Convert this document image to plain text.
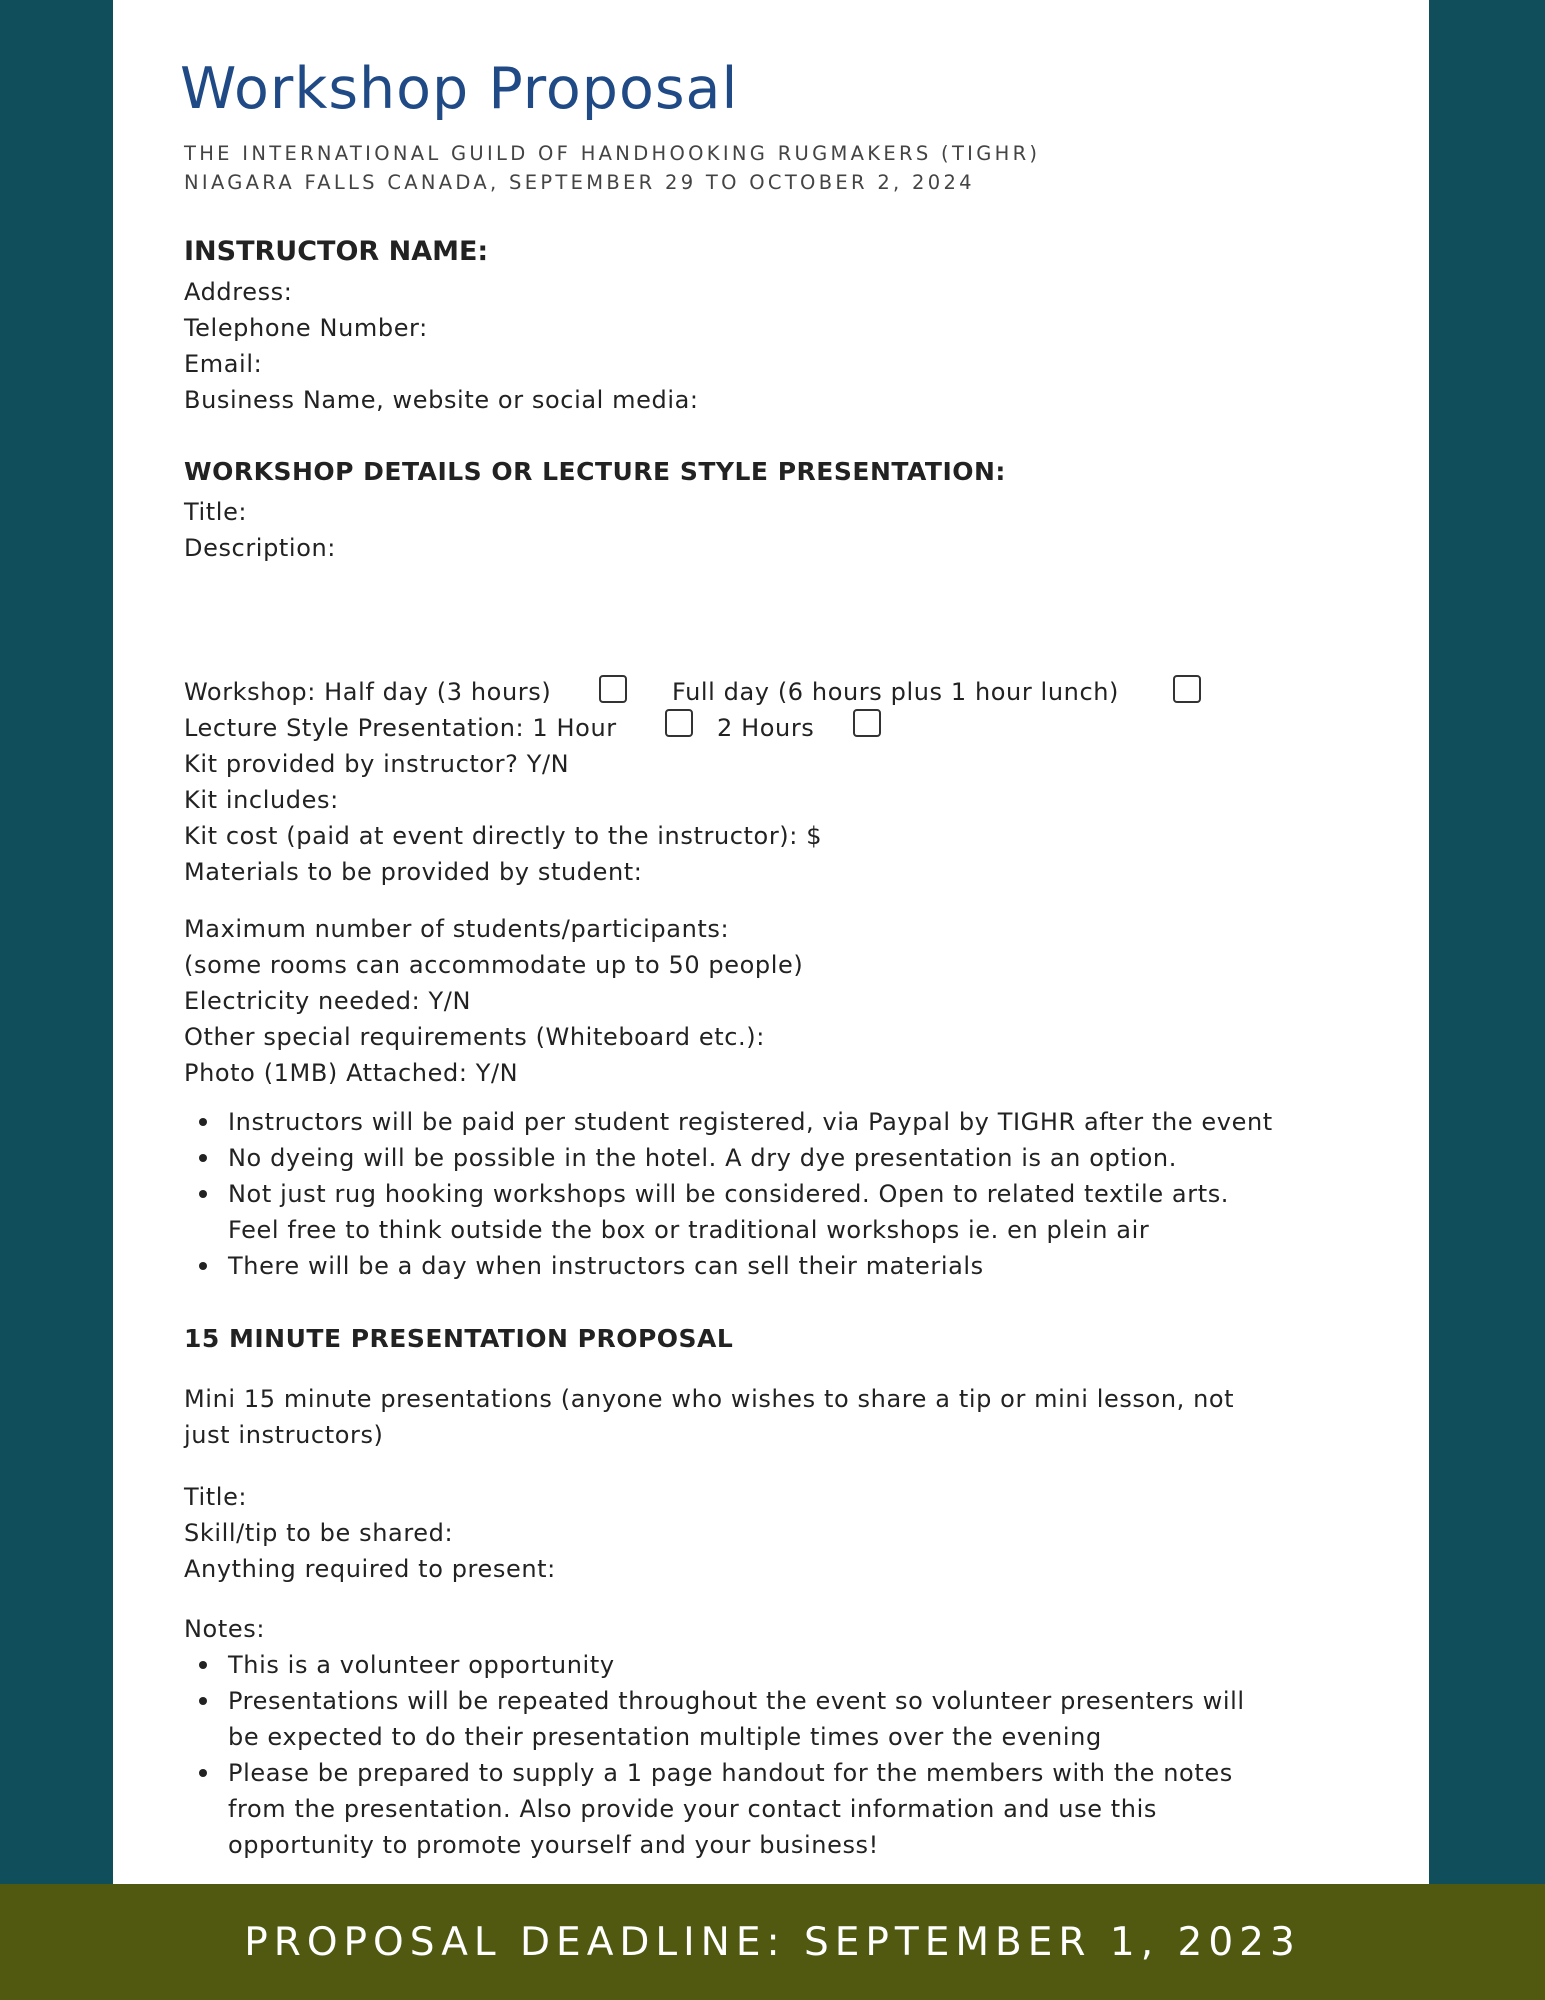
Workshop Proposal
THE INTERNATIONAL GUILD OF HANDHOOKING RUGMAKERS (TIGHR)
NIAGARA FALLS CANADA, SEPTEMBER 29 TO OCTOBER 2, 2024
INSTRUCTOR NAME:
Address:
Telephone Number:
Email:
Business Name, website or social media:
WORKSHOP DETAILS OR LECTURE STYLE PRESENTATION:
Title:
Description:
Workshop: Half day (3 hours)	Full day (6 hours plus 1 hour lunch)
Lecture Style Presentation: 1 Hour	2 Hours
Kit provided by instructor? Y/N
Kit includes:
Kit cost (paid at event directly to the instructor): $
Materials to be provided by student:
Maximum number of students/participants:
(some rooms can accommodate up to 50 people)
Electricity needed: Y/N
Other special requirements (Whiteboard etc.):
Photo (1MB) Attached: Y/N
Instructors will be paid per student registered, via Paypal by TIGHR after the event
No dyeing will be possible in the hotel. A dry dye presentation is an option.
Not just rug hooking workshops will be considered. Open to related textile arts.
Feel free to think outside the box or traditional workshops ie. en plein air
There will be a day when instructors can sell their materials
15 MINUTE PRESENTATION PROPOSAL
Mini 15 minute presentations (anyone who wishes to share a tip or mini lesson, not
just instructors)
Title:
Skill/tip to be shared:
Anything required to present:
Notes:
This is a volunteer opportunity
Presentations will be repeated throughout the event so volunteer presenters will
be expected to do their presentation multiple times over the evening
Please be prepared to supply a 1 page handout for the members with the notes
from the presentation. Also provide your contact information and use this
opportunity to promote yourself and your business!
PROPOSAL DEADLINE: SEPTEMBER 1, 2023
